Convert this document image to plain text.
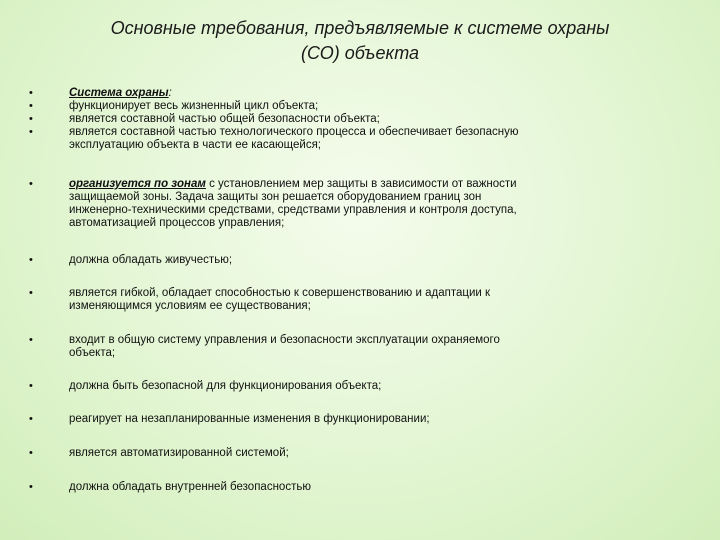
Основные требования, предъявляемые к системе охраны
(СО) объекта
•
•
•
•
Система охраны:
функционирует весь жизненный цикл объекта;
является составной частью общей безопасности объекта;
является составной частью технологического процесса и обеспечивает безопасную
эксплуатацию объекта в части ее касающейся;
•	организуется по зонам с установлением мер защиты в зависимости от важности
защищаемой зоны. Задача защиты зон решается оборудованием границ зон
инженерно-техническими средствами, средствами управления и контроля доступа,
автоматизацией процессов управления;
•	должна обладать живучестью;
•	является гибкой, обладает способностью к совершенствованию и адаптации к
изменяющимся условиям ее существования;
•	входит в общую систему управления и безопасности эксплуатации охраняемого
объекта;
•	должна быть безопасной для функционирования объекта;
•	реагирует на незапланированные изменения в функционировании;
•	является автоматизированной системой;
•	должна обладать внутренней безопасностью
